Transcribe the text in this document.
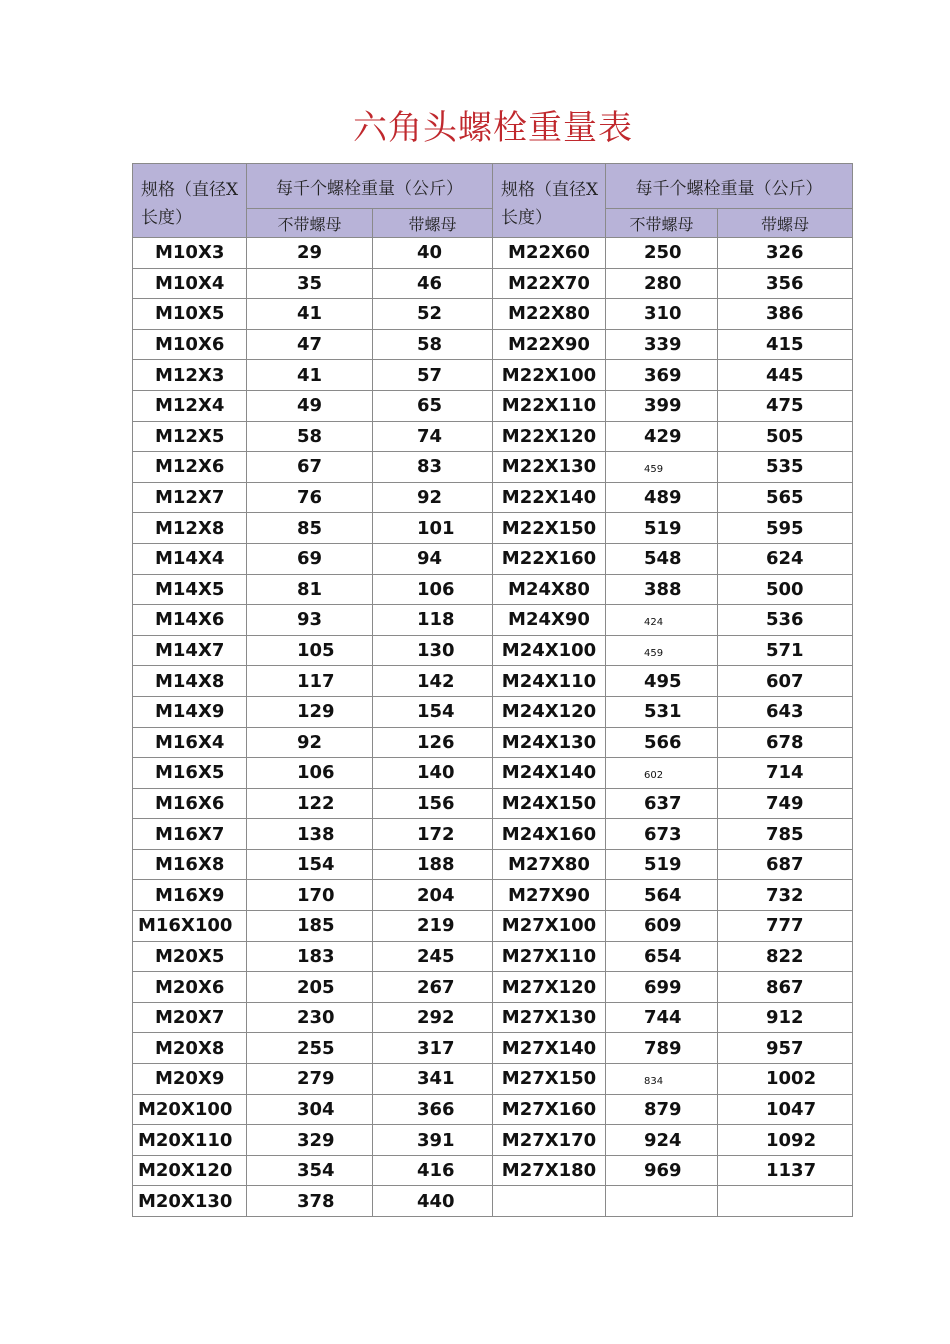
六角头螺栓重量表
规格（直径X长度）	每千个螺栓重量（公斤）		规格（直径X长度）	每千个螺栓重量（公斤）	
	不带螺母	带螺母		不带螺母	带螺母
M10X3	29	40	M22X60	250	326
M10X4	35	46	M22X70	280	356
M10X5	41	52	M22X80	310	386
M10X6	47	58	M22X90	339	415
M12X3	41	57	M22X100	369	445
M12X4	49	65	M22X110	399	475
M12X5	58	74	M22X120	429	505
M12X6	67	83	M22X130	459	535
M12X7	76	92	M22X140	489	565
M12X8	85	101	M22X150	519	595
M14X4	69	94	M22X160	548	624
M14X5	81	106	M24X80	388	500
M14X6	93	118	M24X90	424	536
M14X7	105	130	M24X100	459	571
M14X8	117	142	M24X110	495	607
M14X9	129	154	M24X120	531	643
M16X4	92	126	M24X130	566	678
M16X5	106	140	M24X140	602	714
M16X6	122	156	M24X150	637	749
M16X7	138	172	M24X160	673	785
M16X8	154	188	M27X80	519	687
M16X9	170	204	M27X90	564	732
M16X100	185	219	M27X100	609	777
M20X5	183	245	M27X110	654	822
M20X6	205	267	M27X120	699	867
M20X7	230	292	M27X130	744	912
M20X8	255	317	M27X140	789	957
M20X9	279	341	M27X150	834	1002
M20X100	304	366	M27X160	879	1047
M20X110	329	391	M27X170	924	1092
M20X120	354	416	M27X180	969	1137
M20X130	378	440			
